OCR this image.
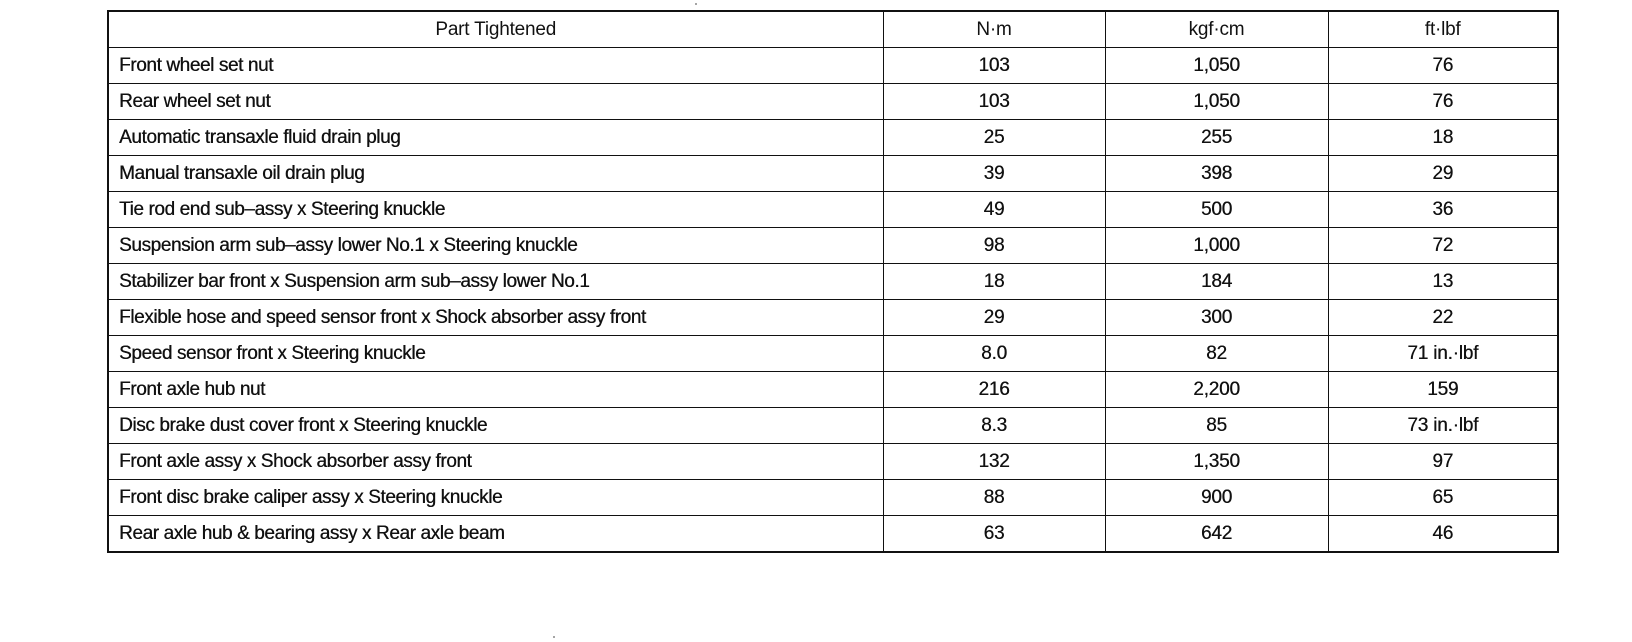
Part Tightened	N·m	kgf·cm	ft·lbf
Front wheel set nut	103	1,050	76
Rear wheel set nut	103	1,050	76
Automatic transaxle fluid drain plug	25	255	18
Manual transaxle oil drain plug	39	398	29
Tie rod end sub–assy x Steering knuckle	49	500	36
Suspension arm sub–assy lower No.1 x Steering knuckle	98	1,000	72
Stabilizer bar front x Suspension arm sub–assy lower No.1	18	184	13
Flexible hose and speed sensor front x Shock absorber assy front	29	300	22
Speed sensor front x Steering knuckle	8.0	82	71 in.·lbf
Front axle hub nut	216	2,200	159
Disc brake dust cover front x Steering knuckle	8.3	85	73 in.·lbf
Front axle assy x Shock absorber assy front	132	1,350	97
Front disc brake caliper assy x Steering knuckle	88	900	65
Rear axle hub & bearing assy x Rear axle beam	63	642	46
